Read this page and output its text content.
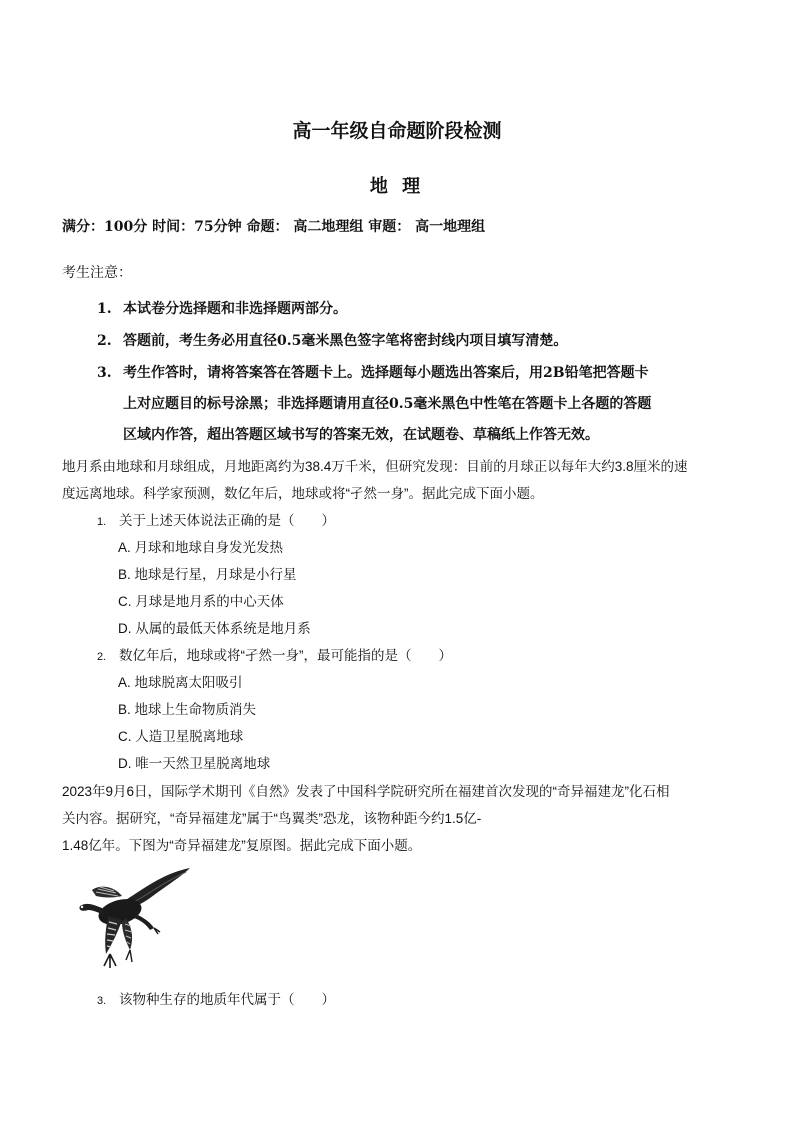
高一年级自命题阶段检测
地 理
满分：100分 时间：75分钟 命题： 高二地理组 审题： 高一地理组
考生注意：
1. 本试卷分选择题和非选择题两部分。
2. 答题前，考生务必用直径0.5毫米黑色签字笔将密封线内项目填写清楚。
3. 考生作答时，请将答案答在答题卡上。选择题每小题选出答案后，用2B铅笔把答题卡
上对应题目的标号涂黑；非选择题请用直径0.5毫米黑色中性笔在答题卡上各题的答题
区域内作答，超出答题区域书写的答案无效，在试题卷、草稿纸上作答无效。
地月系由地球和月球组成，月地距离约为38.4万千米，但研究发现：目前的月球正以每年大约3.8厘米的速
度远离地球。科学家预测，数亿年后，地球或将“孑然一身”。据此完成下面小题。
1. 关于上述天体说法正确的是（　　）
A. 月球和地球自身发光发热
B. 地球是行星，月球是小行星
C. 月球是地月系的中心天体
D. 从属的最低天体系统是地月系
2. 数亿年后，地球或将“孑然一身”，最可能指的是（　　）
A. 地球脱离太阳吸引
B. 地球上生命物质消失
C. 人造卫星脱离地球
D. 唯一天然卫星脱离地球
2023年9月6日，国际学术期刊《自然》发表了中国科学院研究所在福建首次发现的“奇异福建龙”化石相
关内容。据研究，“奇异福建龙”属于“鸟翼类”恐龙，该物种距今约1.5亿-
1.48亿年。下图为“奇异福建龙”复原图。据此完成下面小题。
3. 该物种生存的地质年代属于（　　）
